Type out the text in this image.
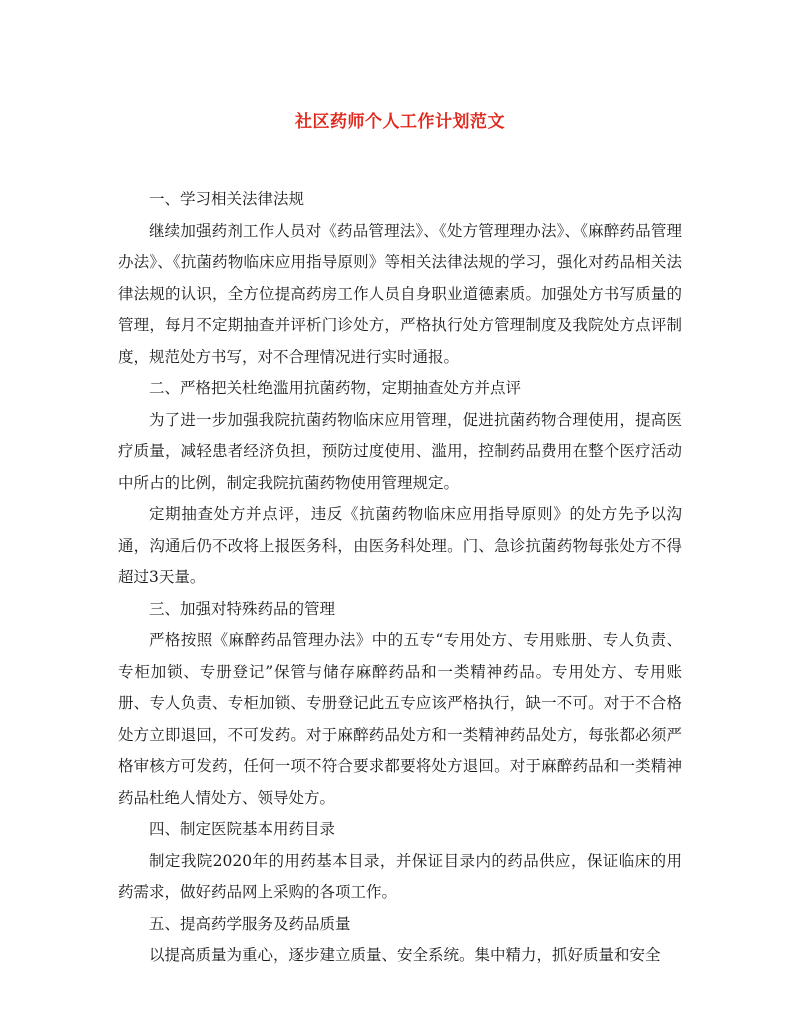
社区药师个人工作计划范文

一、学习相关法律法规

继续加强药剂工作人员对《药品管理法》、《处方管理理办法》、《麻醉药品管理办法》、《抗菌药物临床应用指导原则》等相关法律法规的学习，强化对药品相关法律法规的认识，全方位提高药房工作人员自身职业道德素质。加强处方书写质量的管理，每月不定期抽查并评析门诊处方，严格执行处方管理制度及我院处方点评制度，规范处方书写，对不合理情况进行实时通报。

二、严格把关杜绝滥用抗菌药物，定期抽查处方并点评

为了进一步加强我院抗菌药物临床应用管理，促进抗菌药物合理使用，提高医疗质量，减轻患者经济负担，预防过度使用、滥用，控制药品费用在整个医疗活动中所占的比例，制定我院抗菌药物使用管理规定。

定期抽查处方并点评，违反《抗菌药物临床应用指导原则》的处方先予以沟通，沟通后仍不改将上报医务科，由医务科处理。门、急诊抗菌药物每张处方不得超过3天量。

三、加强对特殊药品的管理

严格按照《麻醉药品管理办法》中的五专“专用处方、专用账册、专人负责、专柜加锁、专册登记”保管与储存麻醉药品和一类精神药品。专用处方、专用账册、专人负责、专柜加锁、专册登记此五专应该严格执行，缺一不可。对于不合格处方立即退回，不可发药。对于麻醉药品处方和一类精神药品处方，每张都必须严格审核方可发药，任何一项不符合要求都要将处方退回。对于麻醉药品和一类精神药品杜绝人情处方、领导处方。

四、制定医院基本用药目录

制定我院2020年的用药基本目录，并保证目录内的药品供应，保证临床的用药需求，做好药品网上采购的各项工作。

五、提高药学服务及药品质量

以提高质量为重心，逐步建立质量、安全系统。集中精力，抓好质量和安全
